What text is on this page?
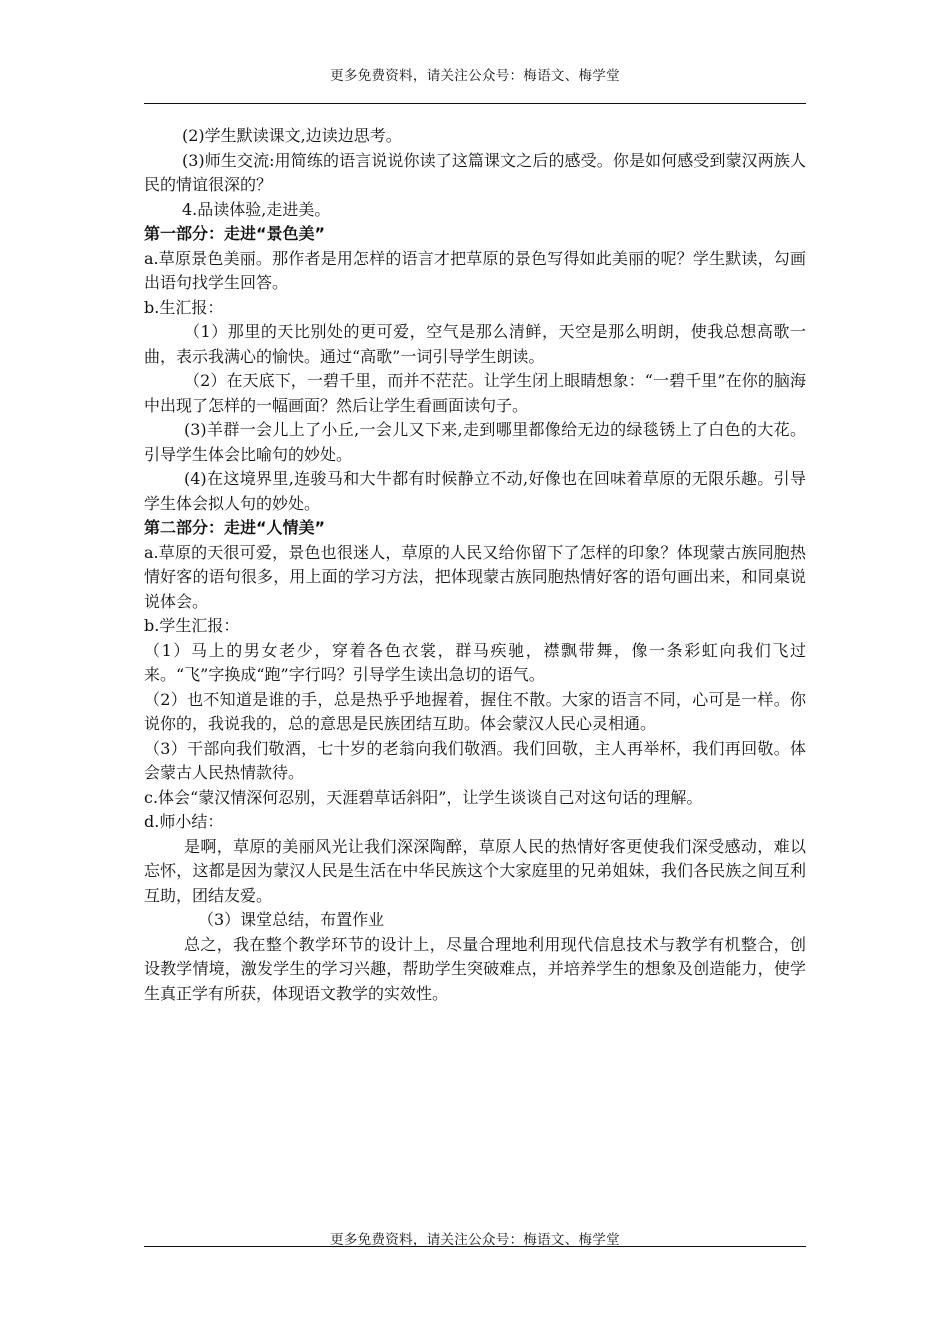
更多免费资料，请关注公众号：梅语文、梅学堂

(2)学生默读课文,边读边思考。

(3)师生交流:用简练的语言说说你读了这篇课文之后的感受。你是如何感受到蒙汉两族人民的情谊很深的？

4.品读体验,走进美。

第一部分：走进“景色美”

a.草原景色美丽。那作者是用怎样的语言才把草原的景色写得如此美丽的呢？学生默读，勾画出语句找学生回答。

b.生汇报：

（1）那里的天比别处的更可爱，空气是那么清鲜，天空是那么明朗，使我总想高歌一曲，表示我满心的愉快。通过“高歌”一词引导学生朗读。

（2）在天底下，一碧千里，而并不茫茫。让学生闭上眼睛想象：“一碧千里”在你的脑海中出现了怎样的一幅画面？然后让学生看画面读句子。

(3)羊群一会儿上了小丘,一会儿又下来,走到哪里都像给无边的绿毯锈上了白色的大花。引导学生体会比喻句的妙处。

(4)在这境界里,连骏马和大牛都有时候静立不动,好像也在回味着草原的无限乐趣。引导学生体会拟人句的妙处。

第二部分：走进“人情美”

a.草原的天很可爱，景色也很迷人，草原的人民又给你留下了怎样的印象？体现蒙古族同胞热情好客的语句很多，用上面的学习方法，把体现蒙古族同胞热情好客的语句画出来，和同桌说说体会。

b.学生汇报：

（1）马上的男女老少，穿着各色衣裳，群马疾驰，襟飘带舞，像一条彩虹向我们飞过来。“飞”字换成“跑”字行吗？引导学生读出急切的语气。

（2）也不知道是谁的手，总是热乎乎地握着，握住不散。大家的语言不同，心可是一样。你说你的，我说我的，总的意思是民族团结互助。体会蒙汉人民心灵相通。

（3）干部向我们敬酒，七十岁的老翁向我们敬酒。我们回敬，主人再举杯，我们再回敬。体会蒙古人民热情款待。

c.体会“蒙汉情深何忍别，天涯碧草话斜阳”，让学生谈谈自己对这句话的理解。

d.师小结：

是啊，草原的美丽风光让我们深深陶醉，草原人民的热情好客更使我们深受感动，难以忘怀，这都是因为蒙汉人民是生活在中华民族这个大家庭里的兄弟姐妹，我们各民族之间互利互助，团结友爱。

（3）课堂总结，布置作业

总之，我在整个教学环节的设计上，尽量合理地利用现代信息技术与教学有机整合，创设教学情境，激发学生的学习兴趣，帮助学生突破难点，并培养学生的想象及创造能力，使学生真正学有所获，体现语文教学的实效性。

更多免费资料，请关注公众号：梅语文、梅学堂
